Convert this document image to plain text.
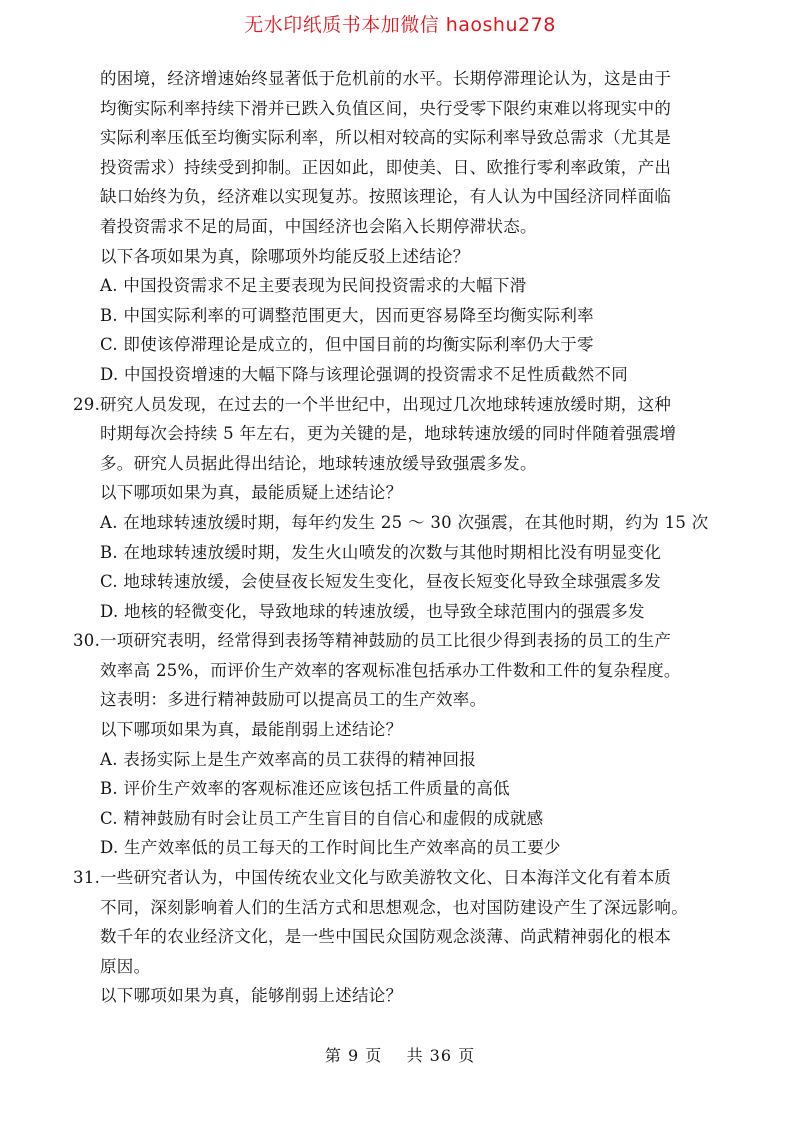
无水印纸质书本加微信 haoshu278
的困境，经济增速始终显著低于危机前的水平。长期停滞理论认为，这是由于
均衡实际利率持续下滑并已跌入负值区间，央行受零下限约束难以将现实中的
实际利率压低至均衡实际利率，所以相对较高的实际利率导致总需求（尤其是
投资需求）持续受到抑制。正因如此，即使美、日、欧推行零利率政策，产出
缺口始终为负，经济难以实现复苏。按照该理论，有人认为中国经济同样面临
着投资需求不足的局面，中国经济也会陷入长期停滞状态。
以下各项如果为真，除哪项外均能反驳上述结论？
A. 中国投资需求不足主要表现为民间投资需求的大幅下滑
B. 中国实际利率的可调整范围更大，因而更容易降至均衡实际利率
C. 即使该停滞理论是成立的，但中国目前的均衡实际利率仍大于零
D. 中国投资增速的大幅下降与该理论强调的投资需求不足性质截然不同
29.研究人员发现，在过去的一个半世纪中，出现过几次地球转速放缓时期，这种
时期每次会持续 5 年左右，更为关键的是，地球转速放缓的同时伴随着强震增
多。研究人员据此得出结论，地球转速放缓导致强震多发。
以下哪项如果为真，最能质疑上述结论？
A. 在地球转速放缓时期，每年约发生 25 ～ 30 次强震，在其他时期，约为 15 次
B. 在地球转速放缓时期，发生火山喷发的次数与其他时期相比没有明显变化
C. 地球转速放缓，会使昼夜长短发生变化，昼夜长短变化导致全球强震多发
D. 地核的轻微变化，导致地球的转速放缓，也导致全球范围内的强震多发
30.一项研究表明，经常得到表扬等精神鼓励的员工比很少得到表扬的员工的生产
效率高 25%，而评价生产效率的客观标准包括承办工件数和工件的复杂程度。
这表明：多进行精神鼓励可以提高员工的生产效率。
以下哪项如果为真，最能削弱上述结论？
A. 表扬实际上是生产效率高的员工获得的精神回报
B. 评价生产效率的客观标准还应该包括工件质量的高低
C. 精神鼓励有时会让员工产生盲目的自信心和虚假的成就感
D. 生产效率低的员工每天的工作时间比生产效率高的员工要少
31.一些研究者认为，中国传统农业文化与欧美游牧文化、日本海洋文化有着本质
不同，深刻影响着人们的生活方式和思想观念，也对国防建设产生了深远影响。
数千年的农业经济文化，是一些中国民众国防观念淡薄、尚武精神弱化的根本
原因。
以下哪项如果为真，能够削弱上述结论？
第 9 页    共 36 页
